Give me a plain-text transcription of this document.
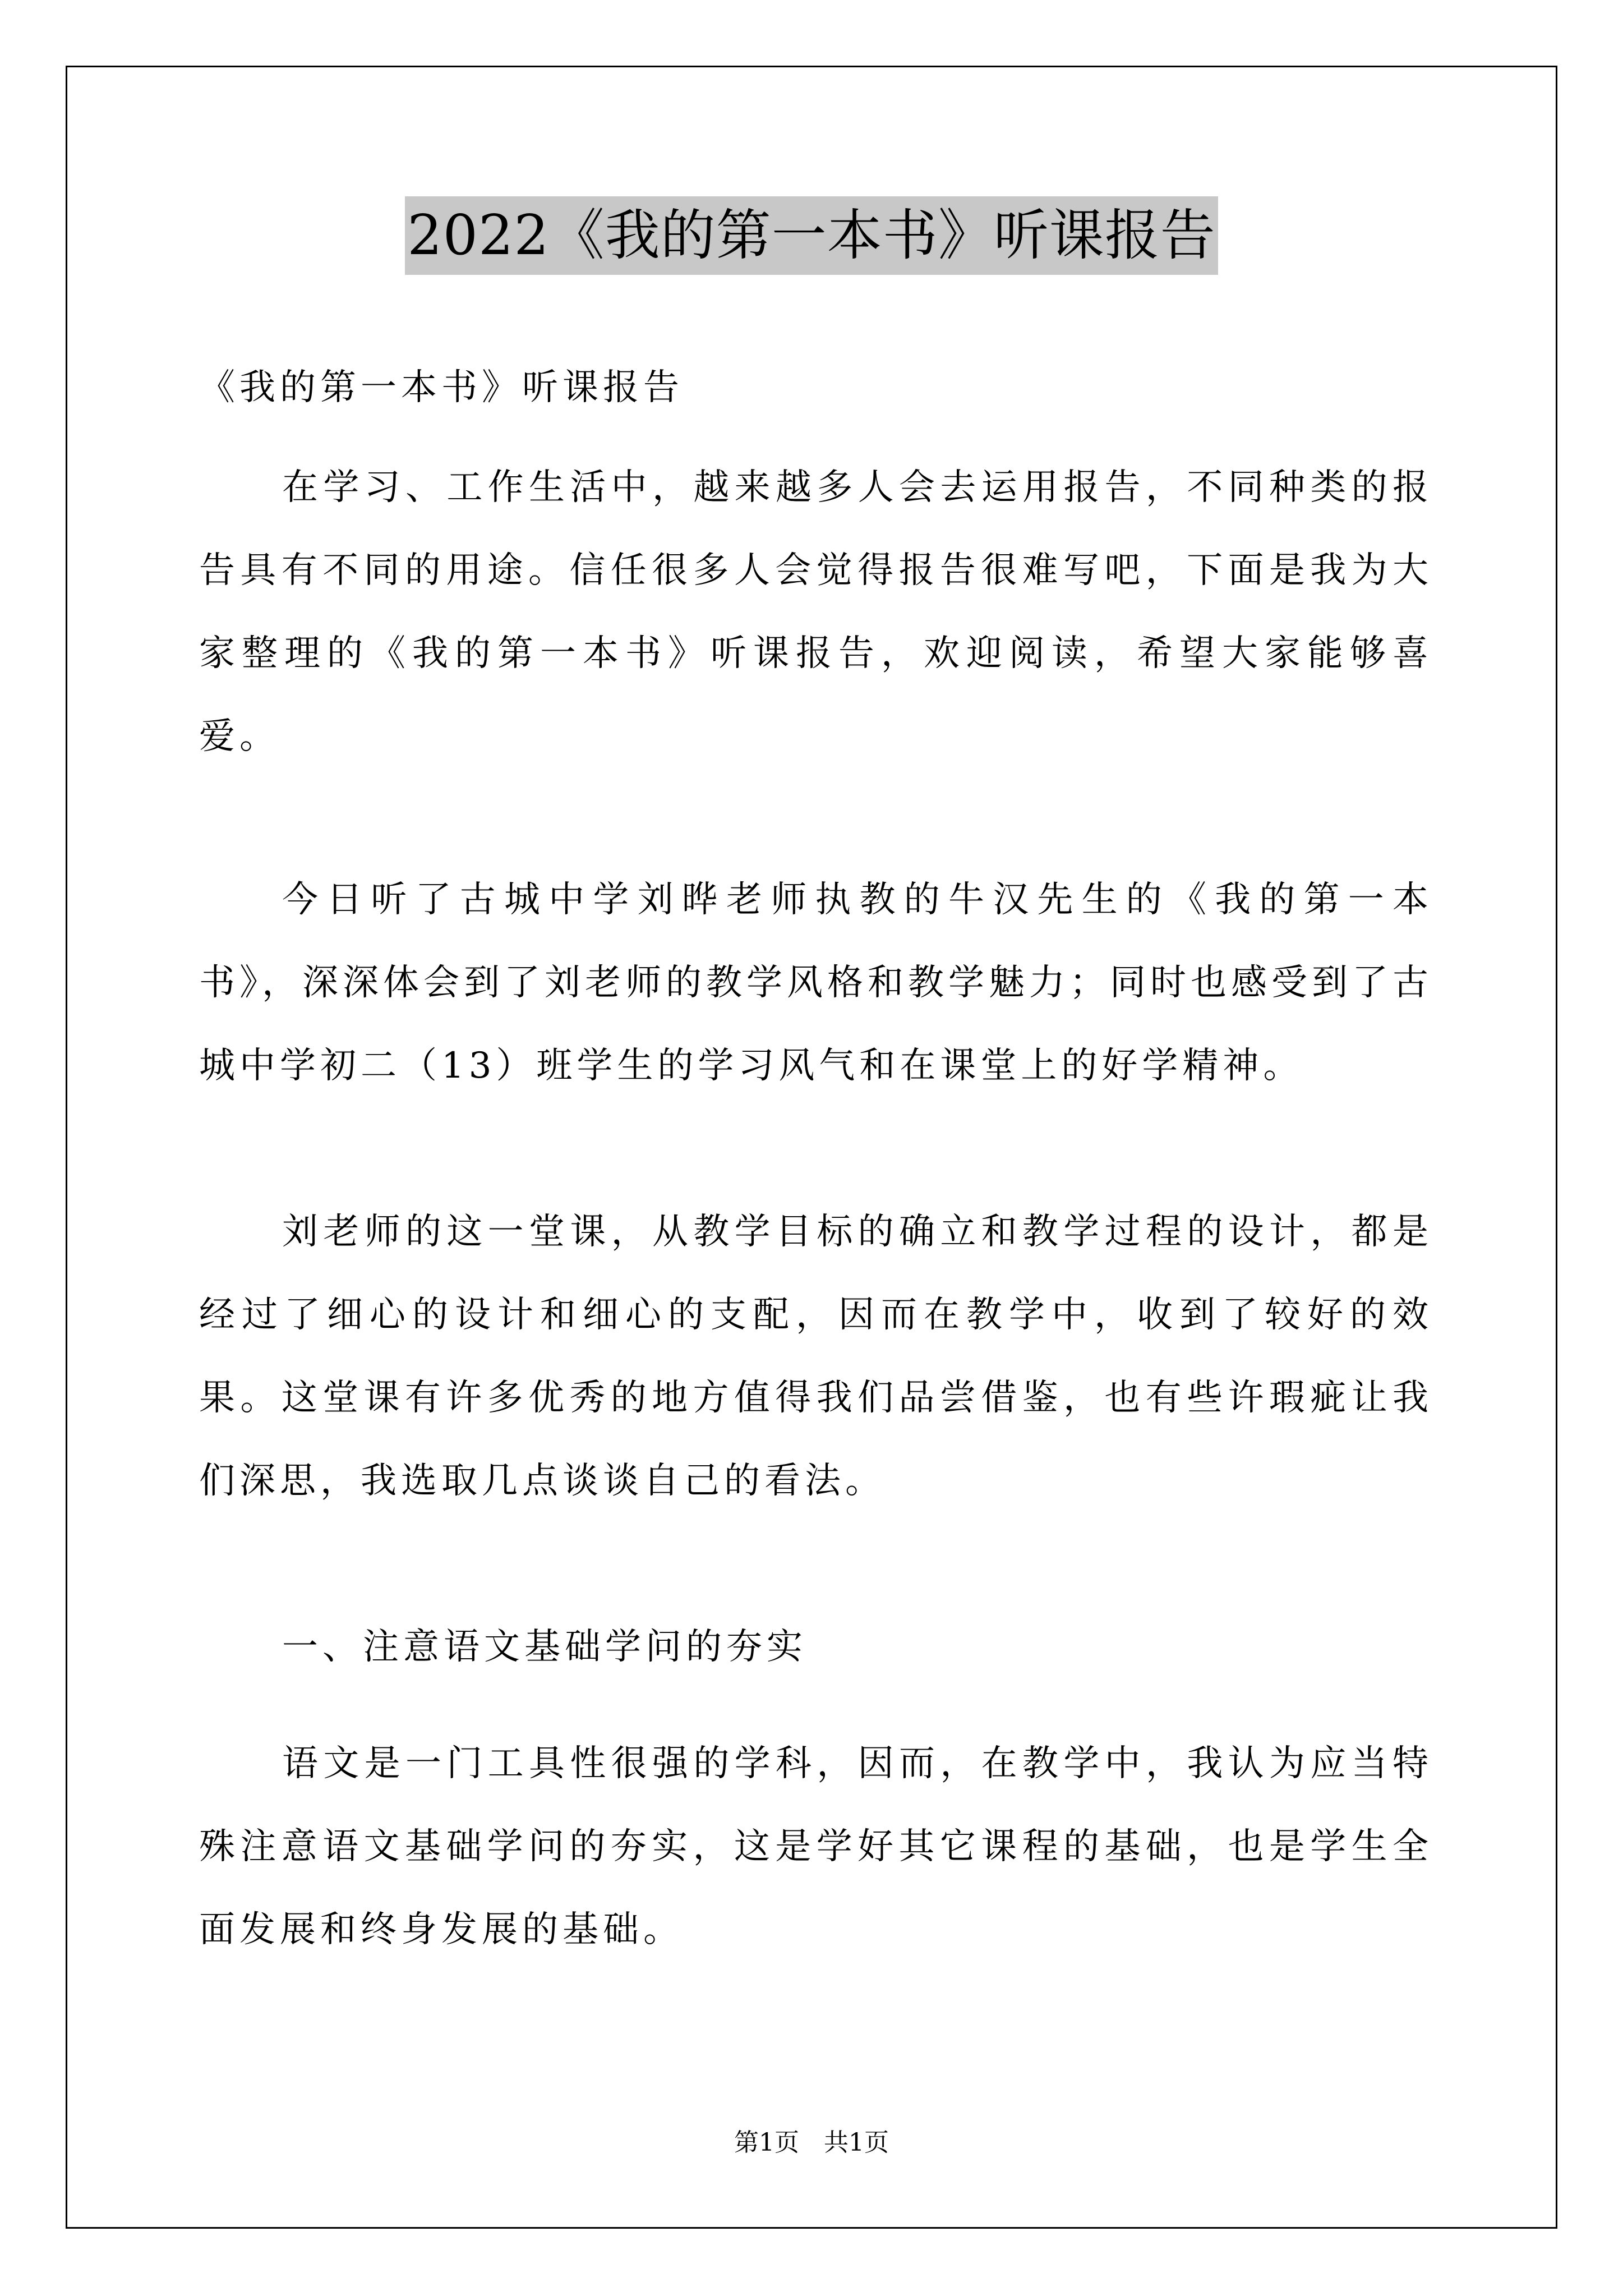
2022《我的第一本书》听课报告

《我的第一本书》听课报告

在学习、工作生活中，越来越多人会去运用报告，不同种类的报告具有不同的用途。信任很多人会觉得报告很难写吧，下面是我为大家整理的《我的第一本书》听课报告，欢迎阅读，希望大家能够喜爱。

今日听了古城中学刘晔老师执教的牛汉先生的《我的第一本书》，深深体会到了刘老师的教学风格和教学魅力；同时也感受到了古城中学初二（13）班学生的学习风气和在课堂上的好学精神。

刘老师的这一堂课，从教学目标的确立和教学过程的设计，都是经过了细心的设计和细心的支配，因而在教学中，收到了较好的效果。这堂课有许多优秀的地方值得我们品尝借鉴，也有些许瑕疵让我们深思，我选取几点谈谈自己的看法。

一、注意语文基础学问的夯实

语文是一门工具性很强的学科，因而，在教学中，我认为应当特殊注意语文基础学问的夯实，这是学好其它课程的基础，也是学生全面发展和终身发展的基础。

第1页　共1页
